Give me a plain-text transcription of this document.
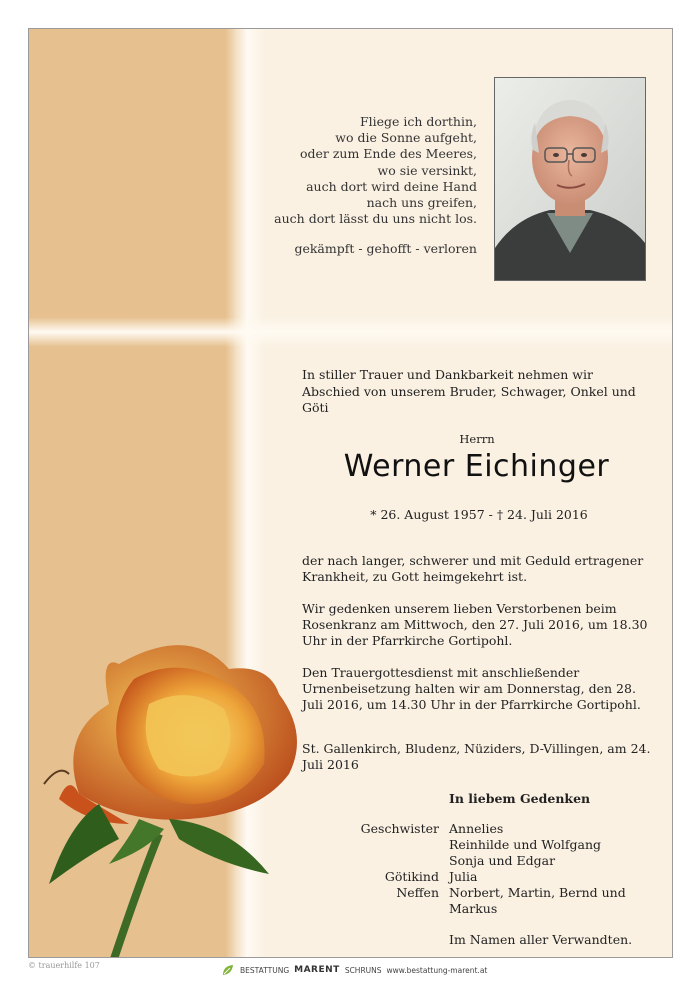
Fliege ich dorthin,
wo die Sonne aufgeht,
oder zum Ende des Meeres,
wo sie versinkt,
auch dort wird deine Hand
nach uns greifen,
auch dort lässt du uns nicht los.
gekämpft - gehofft - verloren
In stiller Trauer und Dankbarkeit nehmen wir Abschied von unserem Bruder, Schwager, Onkel und Göti
Herrn
Werner Eichinger
* 26. August 1957 - † 24. Juli 2016
der nach langer, schwerer und mit Geduld ertragener Krankheit, zu Gott heimgekehrt ist.
Wir gedenken unserem lieben Verstorbenen beim Rosenkranz am Mittwoch, den 27. Juli 2016, um 18.30 Uhr in der Pfarrkirche Gortipohl.
Den Trauergottesdienst mit anschließender Urnenbeisetzung halten wir am Donnerstag, den 28. Juli 2016, um 14.30 Uhr in der Pfarrkirche Gortipohl.
St. Gallenkirch, Bludenz, Nüziders, D-Villingen, am 24. Juli 2016
In liebem Gedenken
Geschwister Annelies
Reinhilde und Wolfgang
Sonja und Edgar
Götikind Julia
Neffen Norbert, Martin, Bernd und Markus
Im Namen aller Verwandten.
© trauerhilfe 107	BESTATTUNG MARENT SCHRUNS www.bestattung-marent.at
